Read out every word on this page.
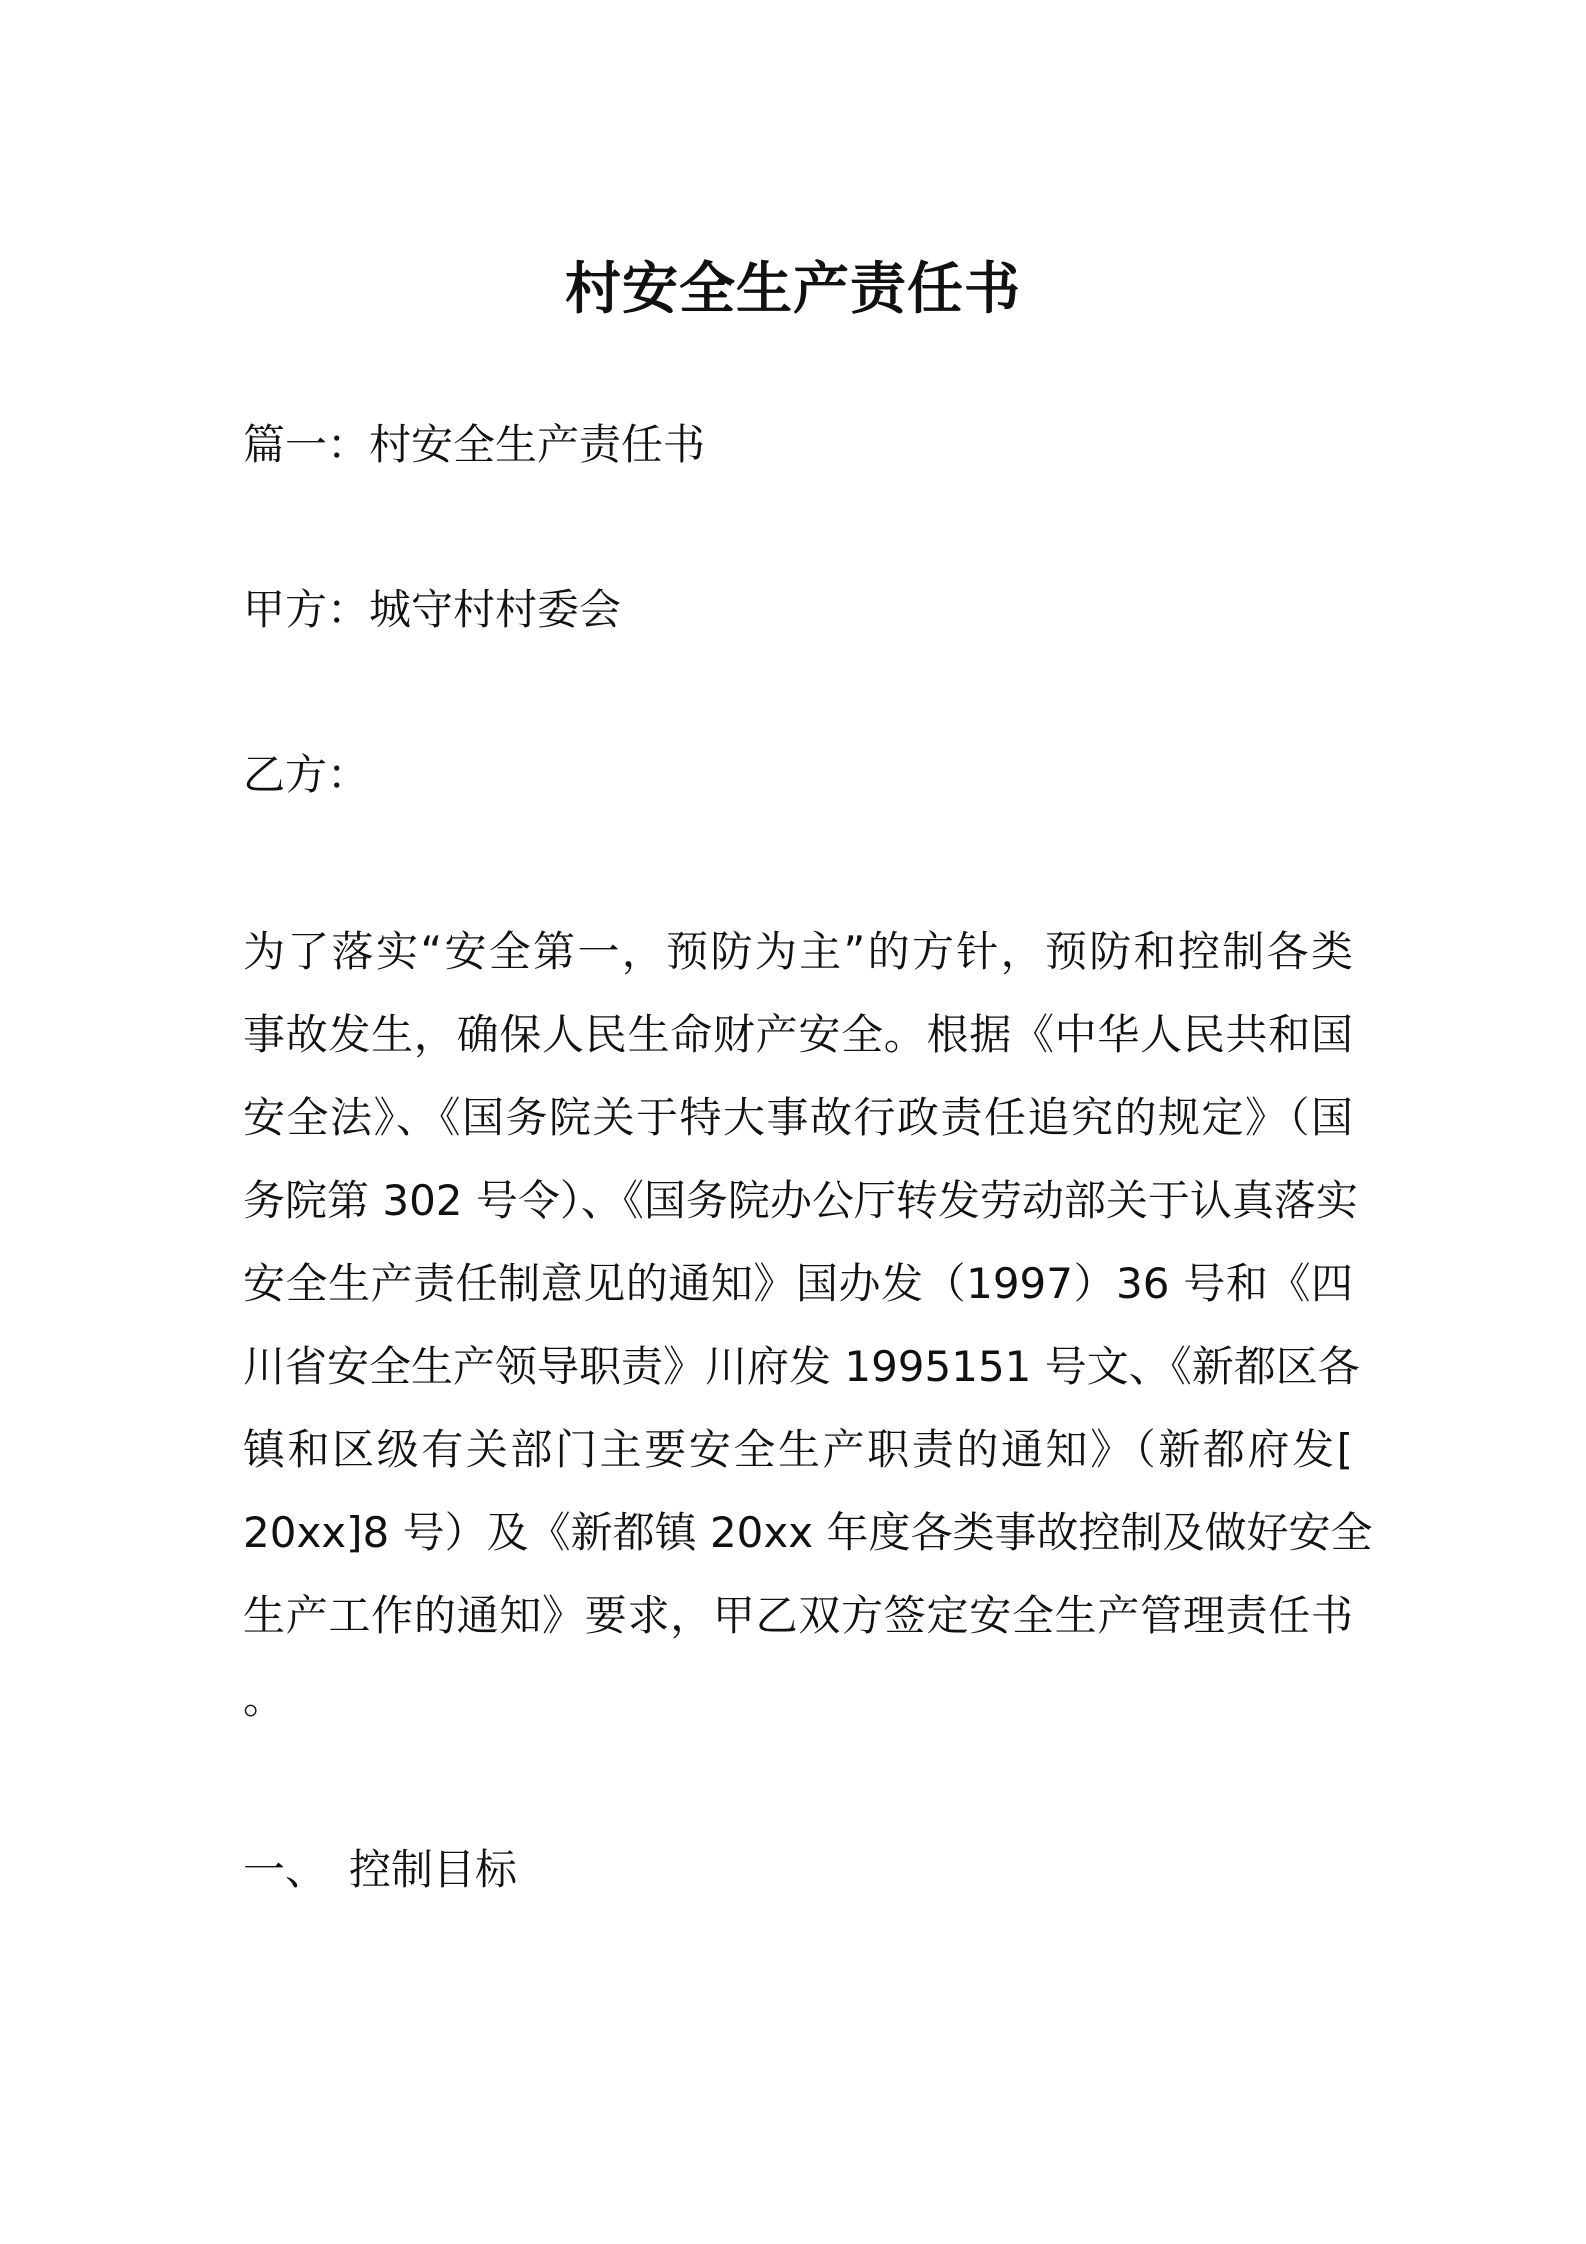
村安全生产责任书
篇一：村安全生产责任书
甲方：城守村村委会
乙方：
为了落实“安全第一，预防为主”的方针，预防和控制各类
事故发生，确保人民生命财产安全。根据《中华人民共和国
安全法》、《国务院关于特大事故行政责任追究的规定》（国
务院第 302 号令）、《国务院办公厅转发劳动部关于认真落实
安全生产责任制意见的通知》国办发（1997）36 号和《四
川省安全生产领导职责》川府发 1995151 号文、《新都区各
镇和区级有关部门主要安全生产职责的通知》（新都府发[
20xx]8 号）及《新都镇 20xx 年度各类事故控制及做好安全
生产工作的通知》要求，甲乙双方签定安全生产管理责任书
。
一、 控制目标
